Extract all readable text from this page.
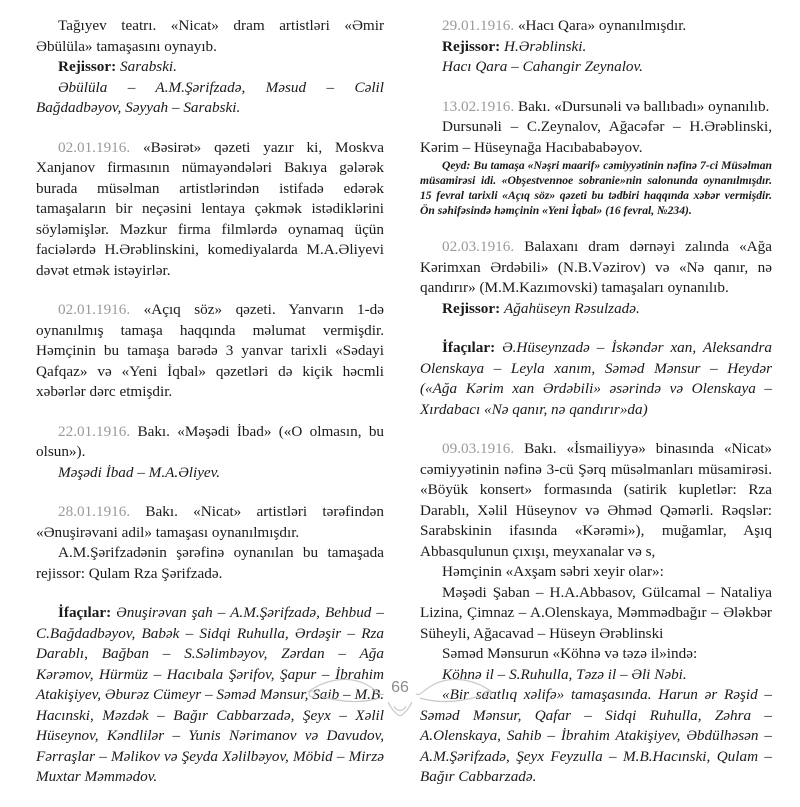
Tağıyev teatrı. «Nicat» dram artistləri «Əmir Əbülüla» tamaşasını oynayıb.

Rejissor: Sarabski.

Əbülüla – A.M.Şərifzadə, Məsud – Cəlil Bağdadbəyov, Səyyah – Sarabski.

02.01.1916. «Bəsirət» qəzeti yazır ki, Moskva Xanjanov firmasının nümayəndələri Bakıya gələrək burada müsəlman artistlərindən istifadə edərək tamaşaların bir neçəsini lentaya çəkmək istədiklərini söyləmişlər. Məzkur firma filmlərdə oynamaq üçün faciələrdə H.Ərəblinskini, komediyalarda M.A.Əliyevi dəvət etmək istəyirlər.

02.01.1916. «Açıq söz» qəzeti. Yanvarın 1-də oynanılmış tamaşa haqqında məlumat vermişdir. Həmçinin bu tamaşa barədə 3 yanvar tarixli «Sədayi Qafqaz» və «Yeni İqbal» qəzetləri də kiçik həcmli xəbərlər dərc etmişdir.

22.01.1916. Bakı. «Məşədi İbad» («O olmasın, bu olsun»).

Məşədi İbad – M.A.Əliyev.

28.01.1916. Bakı. «Nicat» artistləri tərəfindən «Ənuşirəvani adil» tamaşası oynanılmışdır.

A.M.Şərifzadənin şərəfinə oynanılan bu tamaşada rejissor: Qulam Rza Şərifzadə.

İfaçılar: Ənuşirəvan şah – A.M.Şərifzadə, Behbud – C.Bağdadbəyov, Babək – Sidqi Ruhulla, Ərdəşir – Rza Darablı, Bağban – S.Səlimbəyov, Zərdan – Ağa Kərəmov, Hürmüz – Hacıbala Şərifov, Şapur – İbrahim Atakişiyev, Əburəz Cümeyr – Səməd Mənsur, Saib – M.B. Hacınski, Məzdək – Bağır Cabbarzadə, Şeyx – Xəlil Hüseynov, Kəndlilər – Yunis Nərimanov və Davudov, Fərraşlar – Məlikov və Şeyda Xəlilbəyov, Möbid – Mirzə Muxtar Məmmədov.

29.01.1916. «Hacı Qara» oynanılmışdır.

Rejissor: H.Ərəblinski.

Hacı Qara – Cahangir Zeynalov.

13.02.1916. Bakı. «Dursunəli və ballıbadı» oynanılıb.

Dursunəli – C.Zeynalov, Ağacəfər – H.Ərəblinski, Kərim – Hüseynağa Hacıbababəyov.

Qeyd: Bu tamaşa «Nəşri maarif» cəmiyyətinin nəfinə 7-ci Müsəlman müsamirəsi idi. «Obşestvennoe sobranie»nin salonunda oynanılmışdır. 15 fevral tarixli «Açıq söz» qəzeti bu tədbiri haqqında xəbər vermişdir. Ön səhifəsində həmçinin «Yeni İqbal» (16 fevral, №234).

02.03.1916. Balaxanı dram dərnəyi zalında «Ağa Kərimxan Ərdəbili» (N.B.Vəzirov) və «Nə qanır, nə qandırır» (M.M.Kazımovski) tamaşaları oynanılıb.

Rejissor: Ağahüseyn Rəsulzadə.

İfaçılar: Ə.Hüseynzadə – İskəndər xan, Aleksandra Olenskaya – Leyla xanım, Səməd Mənsur – Heydər («Ağa Kərim xan Ərdəbili» əsərində və Olenskaya – Xırdabacı «Nə qanır, nə qandırır»da)

09.03.1916. Bakı. «İsmailiyyə» binasında «Nicat» cəmiyyətinin nəfinə 3-cü Şərq müsəlmanları müsamirəsi. «Böyük konsert» formasında (satirik kupletlər: Rza Darablı, Xəlil Hüseynov və Əhməd Qəmərli. Rəqslər: Sarabskinin ifasında «Kərəmi»), muğamlar, Aşıq Abbasqulunun çıxışı, meyxanalar və s,

Həmçinin «Axşam səbri xeyir olar»:

Məşədi Şaban – H.A.Abbasov, Gülcamal – Nataliya Lizina, Çimnaz – A.Olenskaya, Məmmədbağır – Ələkbər Süheyli, Ağacavad – Hüseyn Ərəblinski

Səməd Mənsurun «Köhnə və təzə il»ində:

Köhnə il – S.Ruhulla, Təzə il – Əli Nəbi.

«Bir saatlıq xəlifə» tamaşasında. Harun ər Rəşid – Səməd Mənsur, Qafar – Sidqi Ruhulla, Zəhra – A.Olenskaya, Sahib – İbrahim Atakişiyev, Əbdülhəsən – A.M.Şərifzadə, Şeyx Feyzulla – M.B.Hacınski, Qulam – Bağır Cabbarzadə.

66
